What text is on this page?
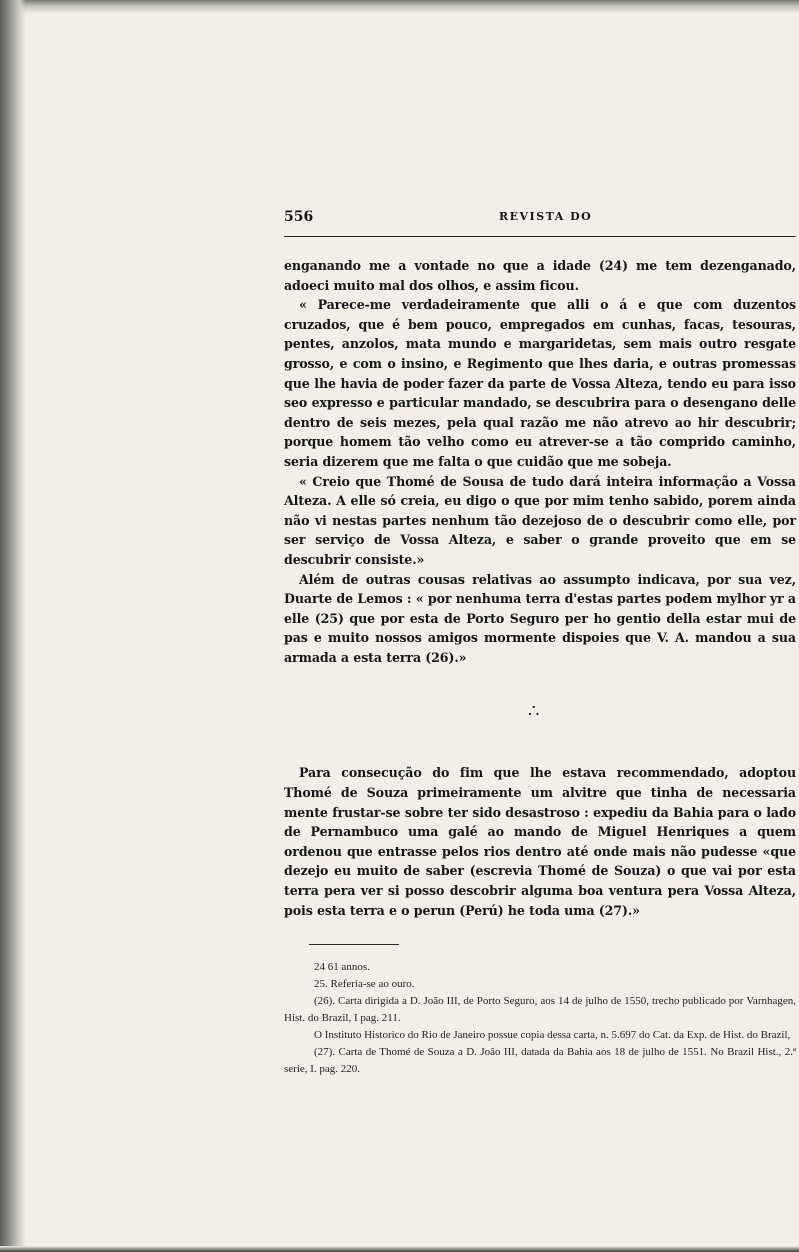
556	REVISTA DO

enganando me a vontade no que a idade (24) me tem dezenganado, adoeci muito mal dos olhos, e assim ficou.

« Parece-me verdadeiramente que alli o á e que com duzentos cruzados, que é bem pouco, empregados em cunhas, facas, tesouras, pentes, anzolos, mata mundo e margaridetas, sem mais outro resgate grosso, e com o insino, e Regimento que lhes daria, e outras promessas que lhe havia de poder fazer da parte de Vossa Alteza, tendo eu para isso seo expresso e particular mandado, se descubrira para o desengano delle dentro de seis mezes, pela qual razão me não atrevo ao hir descubrir; porque homem tão velho como eu atrever-se a tão comprido caminho, seria dizerem que me falta o que cuidão que me sobeja.

« Creio que Thomé de Sousa de tudo dará inteira informação a Vossa Alteza. A elle só creia, eu digo o que por mim tenho sabido, porem ainda não vi nestas partes nenhum tão dezejoso de o descubrir como elle, por ser serviço de Vossa Alteza, e saber o grande proveito que em se descubrir consiste.»

Além de outras cousas relativas ao assumpto indicava, por sua vez, Duarte de Lemos : « por nenhuma terra d'estas partes podem mylhor yr a elle (25) que por esta de Porto Seguro per ho gentio della estar mui de pas e muito nossos amigos mormente dispoies que V. A. mandou a sua armada a esta terra (26).»

∴

Para consecução do fim que lhe estava recommendado, adoptou Thomé de Souza primeiramente um alvitre que tinha de necessaria mente frustar-se sobre ter sido desastroso : expediu da Bahia para o lado de Pernambuco uma galé ao mando de Miguel Henriques a quem ordenou que entrasse pelos rios dentro até onde mais não pudesse «que dezejo eu muito de saber (escrevia Thomé de Souza) o que vai por esta terra pera ver si posso descobrir alguma boa ventura pera Vossa Alteza, pois esta terra e o perun (Perú) he toda uma (27).»

24 61 annos.

25. Referia-se ao ouro.

(26). Carta dirigida a D. João III, de Porto Seguro, aos 14 de julho de 1550, trecho publicado por Varnhagen, Hist. do Brazil, I pag. 211.

O Instituto Historico do Rio de Janeiro possue copia dessa carta, n. 5.697 do Cat. da Exp. de Hist. do Brazil,

(27). Carta de Thomé de Souza a D. João III, datada da Bahia aos 18 de julho de 1551. No Brazil Hist., 2.ª serie, I. pag. 220.
